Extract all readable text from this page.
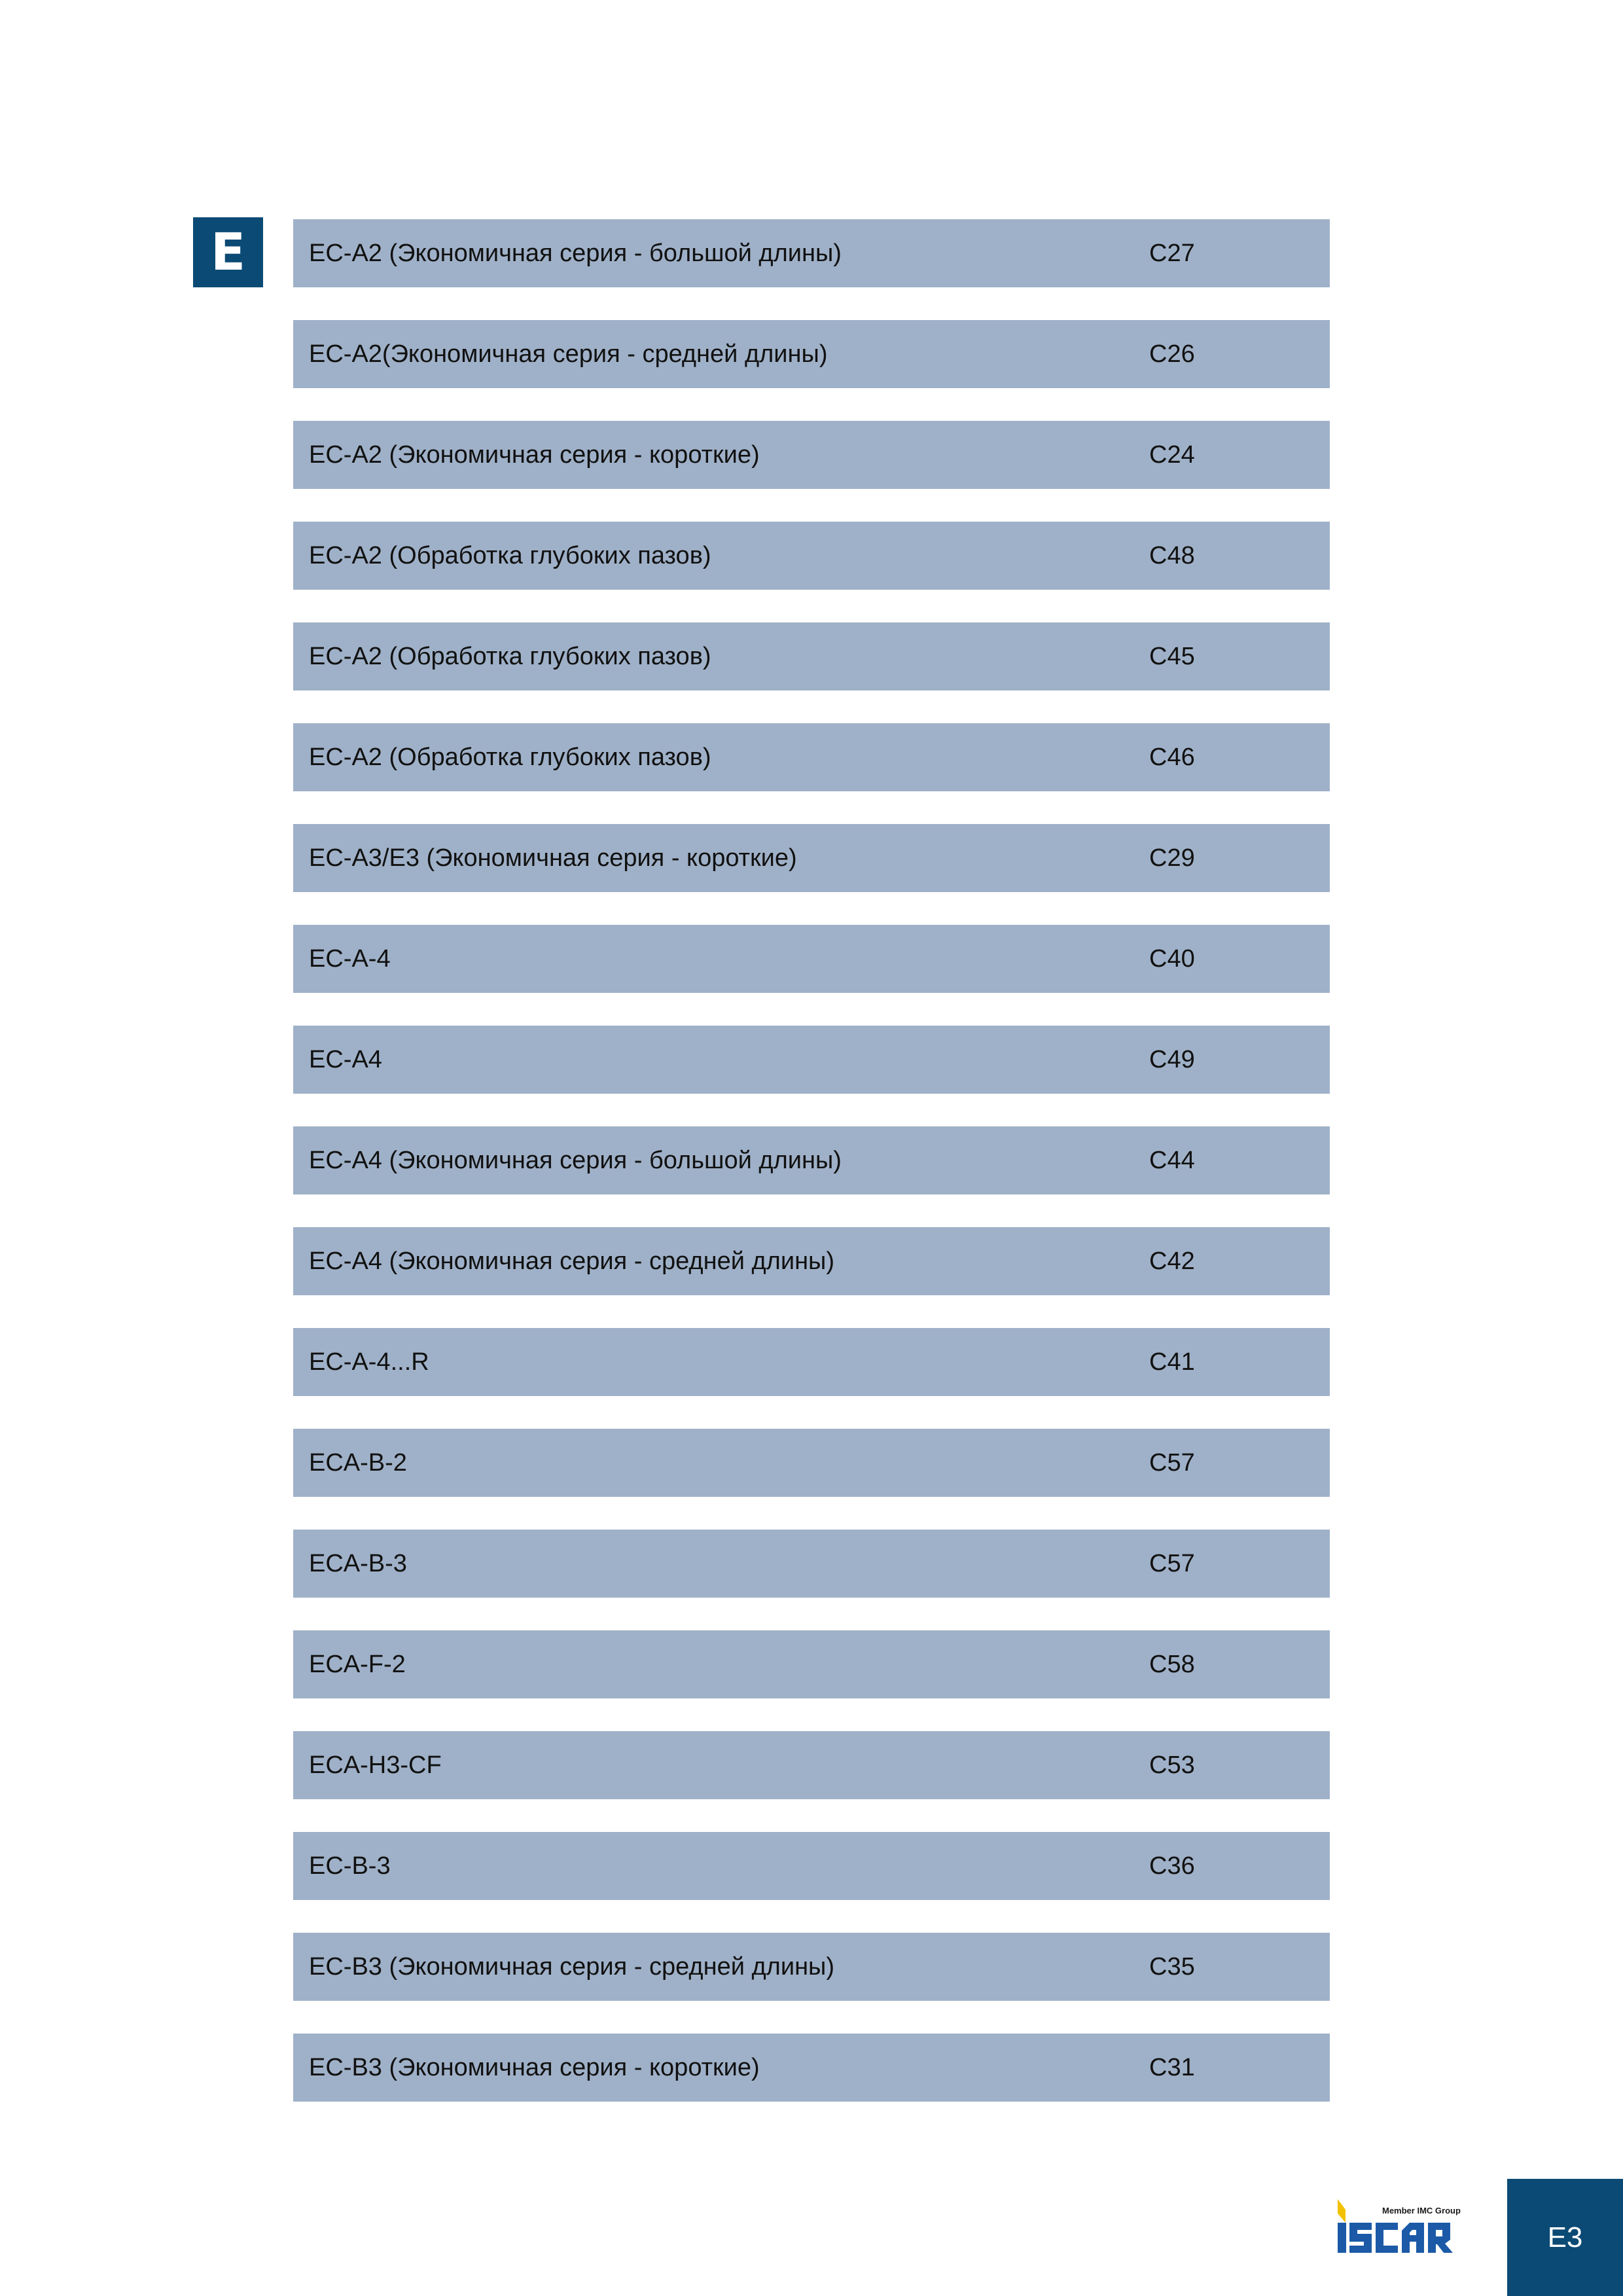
E	EC-A2 (Экономичная серия - большой длины)	C27
EC-A2(Экономичная серия - средней длины)	C26
EC-A2 (Экономичная серия - короткие)	C24
EC-A2 (Обработка глубоких пазов)	C48
EC-A2 (Обработка глубоких пазов)	C45
EC-A2 (Обработка глубоких пазов)	C46
EC-A3/E3 (Экономичная серия - короткие)	C29
EC-A-4	C40
EC-A4	C49
EC-A4 (Экономичная серия - большой длины)	C44
EC-A4 (Экономичная серия - средней длины)	C42
EC-A-4...R	C41
ECA-B-2	C57
ECA-B-3	C57
ECA-F-2	C58
ECA-H3-CF	C53
EC-B-3	C36
EC-B3 (Экономичная серия - средней длины)	C35
EC-B3 (Экономичная серия - короткие)	C31
Member IMC Group
E3
